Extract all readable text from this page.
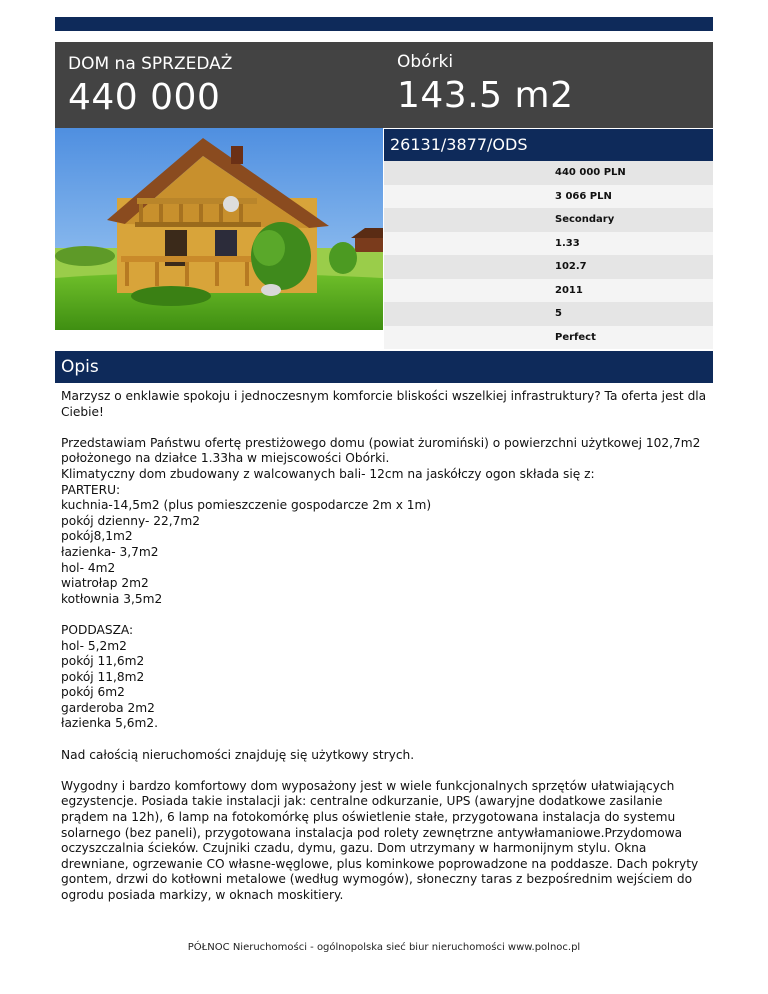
DOM na SPRZEDAŻ
440 000
Obórki
143.5 m2
26131/3877/ODS
440 000 PLN
3 066 PLN
Secondary
1.33
102.7
2011
5
Perfect
Opis

Marzysz o enklawie spokoju i jednoczesnym komforcie bliskości wszelkiej infrastruktury? Ta oferta jest dla Ciebie!

Przedstawiam Państwu ofertę prestiżowego domu (powiat żuromiński) o powierzchni użytkowej 102,7m2 położonego na działce 1.33ha w miejscowości Obórki.
Klimatyczny dom zbudowany z walcowanych bali- 12cm na jaskółczy ogon składa się z:
PARTERU:
kuchnia-14,5m2 (plus pomieszczenie gospodarcze 2m x 1m)
pokój dzienny- 22,7m2
pokój8,1m2
łazienka- 3,7m2
hol- 4m2
wiatrołap 2m2
kotłownia 3,5m2

PODDASZA:
hol- 5,2m2
pokój 11,6m2
pokój 11,8m2
pokój 6m2
garderoba 2m2
łazienka 5,6m2.

Nad całością nieruchomości znajduję się użytkowy strych.

Wygodny i bardzo komfortowy dom wyposażony jest w wiele funkcjonalnych sprzętów ułatwiających egzystencje. Posiada takie instalacji jak: centralne odkurzanie, UPS (awaryjne dodatkowe zasilanie prądem na 12h), 6 lamp na fotokomórkę plus oświetlenie stałe, przygotowana instalacja do systemu solarnego (bez paneli), przygotowana instalacja pod rolety zewnętrzne antywłamaniowe.Przydomowa oczyszczalnia ścieków. Czujniki czadu, dymu, gazu. Dom utrzymany w harmonijnym stylu. Okna drewniane, ogrzewanie CO własne-węglowe, plus kominkowe poprowadzone na poddasze. Dach pokryty gontem, drzwi do kotłowni metalowe (według wymogów), słoneczny taras z bezpośrednim wejściem do ogrodu posiada markizy, w oknach moskitiery.

PÓŁNOC Nieruchomości - ogólnopolska sieć biur nieruchomości www.polnoc.pl
